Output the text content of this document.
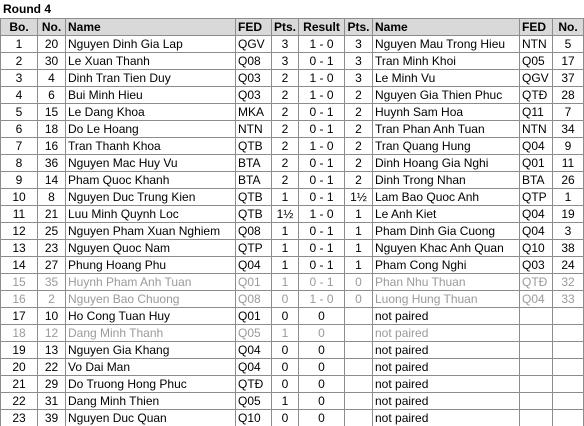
Round 4
Bo.	No.	Name	FED	Pts.	Result	Pts.	Name	FED	No.
1	20	Nguyen Dinh Gia Lap	QGV	3	1 - 0	3	Nguyen Mau Trong Hieu	NTN	5
2	30	Le Xuan Thanh	Q08	3	0 - 1	3	Tran Minh Khoi	Q05	17
3	4	Dinh Tran Tien Duy	Q03	2	1 - 0	3	Le Minh Vu	QGV	37
4	6	Bui Minh Hieu	Q03	2	1 - 0	2	Nguyen Gia Thien Phuc	QTĐ	28
5	15	Le Dang Khoa	MKA	2	0 - 1	2	Huynh Sam Hoa	Q11	7
6	18	Do Le Hoang	NTN	2	0 - 1	2	Tran Phan Anh Tuan	NTN	34
7	16	Tran Thanh Khoa	QTB	2	1 - 0	2	Tran Quang Hung	Q04	9
8	36	Nguyen Mac Huy Vu	BTA	2	0 - 1	2	Dinh Hoang Gia Nghi	Q01	11
9	14	Pham Quoc Khanh	BTA	2	0 - 1	2	Dinh Trong Nhan	BTA	26
10	8	Nguyen Duc Trung Kien	QTB	1	0 - 1	1½	Lam Bao Quoc Anh	QTP	1
11	21	Luu Minh Quynh Loc	QTB	1½	1 - 0	1	Le Anh Kiet	Q04	19
12	25	Nguyen Pham Xuan Nghiem	Q08	1	0 - 1	1	Pham Dinh Gia Cuong	Q04	3
13	23	Nguyen Quoc Nam	QTP	1	0 - 1	1	Nguyen Khac Anh Quan	Q10	38
14	27	Phung Hoang Phu	Q04	1	0 - 1	1	Pham Cong Nghi	Q03	24
15	35	Huynh Pham Anh Tuan	Q01	1	0 - 1	0	Phan Nhu Thuan	QTĐ	32
16	2	Nguyen Bao Chuong	Q08	0	1 - 0	0	Luong Hung Thuan	Q04	33
17	10	Ho Cong Tuan Huy	Q01	0	0		not paired		
18	12	Dang Minh Thanh	Q05	1	0		not paired		
19	13	Nguyen Gia Khang	Q04	0	0		not paired		
20	22	Vo Dai Man	Q04	0	0		not paired		
21	29	Do Truong Hong Phuc	QTĐ	0	0		not paired		
22	31	Dang Minh Thien	Q05	1	0		not paired		
23	39	Nguyen Duc Quan	Q10	0	0		not paired		
